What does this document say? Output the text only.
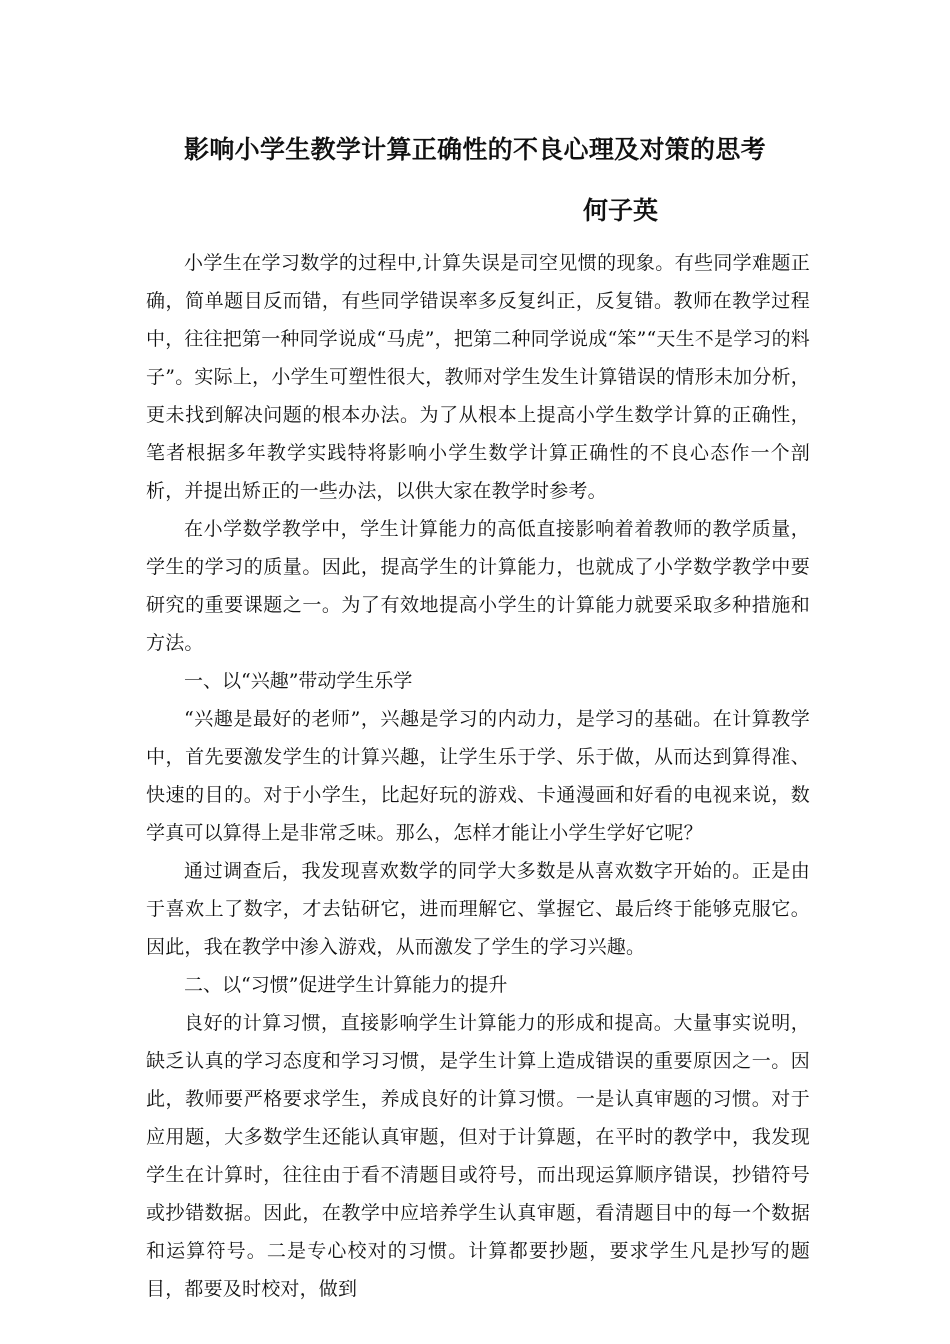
影响小学生教学计算正确性的不良心理及对策的思考
何子英

小学生在学习数学的过程中,计算失误是司空见惯的现象。有些同学难题正确，简单题目反而错，有些同学错误率多反复纠正，反复错。教师在教学过程中，往往把第一种同学说成“马虎”，把第二种同学说成“笨”“天生不是学习的料子”。实际上，小学生可塑性很大，教师对学生发生计算错误的情形未加分析，更未找到解决问题的根本办法。为了从根本上提高小学生数学计算的正确性，笔者根据多年教学实践特将影响小学生数学计算正确性的不良心态作一个剖析，并提出矫正的一些办法，以供大家在教学时参考。

在小学数学教学中，学生计算能力的高低直接影响着着教师的教学质量，学生的学习的质量。因此，提高学生的计算能力，也就成了小学数学教学中要研究的重要课题之一。为了有效地提高小学生的计算能力就要采取多种措施和方法。

一、以“兴趣”带动学生乐学

“兴趣是最好的老师”，兴趣是学习的内动力，是学习的基础。在计算教学中，首先要激发学生的计算兴趣，让学生乐于学、乐于做，从而达到算得准、快速的目的。对于小学生，比起好玩的游戏、卡通漫画和好看的电视来说，数学真可以算得上是非常乏味。那么，怎样才能让小学生学好它呢？

通过调查后，我发现喜欢数学的同学大多数是从喜欢数字开始的。正是由于喜欢上了数字，才去钻研它，进而理解它、掌握它、最后终于能够克服它。因此，我在教学中渗入游戏，从而激发了学生的学习兴趣。

二、以“习惯”促进学生计算能力的提升

良好的计算习惯，直接影响学生计算能力的形成和提高。大量事实说明，缺乏认真的学习态度和学习习惯，是学生计算上造成错误的重要原因之一。因此，教师要严格要求学生，养成良好的计算习惯。一是认真审题的习惯。对于应用题，大多数学生还能认真审题，但对于计算题，在平时的教学中，我发现学生在计算时，往往由于看不清题目或符号，而出现运算顺序错误，抄错符号或抄错数据。因此，在教学中应培养学生认真审题，看清题目中的每一个数据和运算符号。二是专心校对的习惯。计算都要抄题，要求学生凡是抄写的题目，都要及时校对，做到
